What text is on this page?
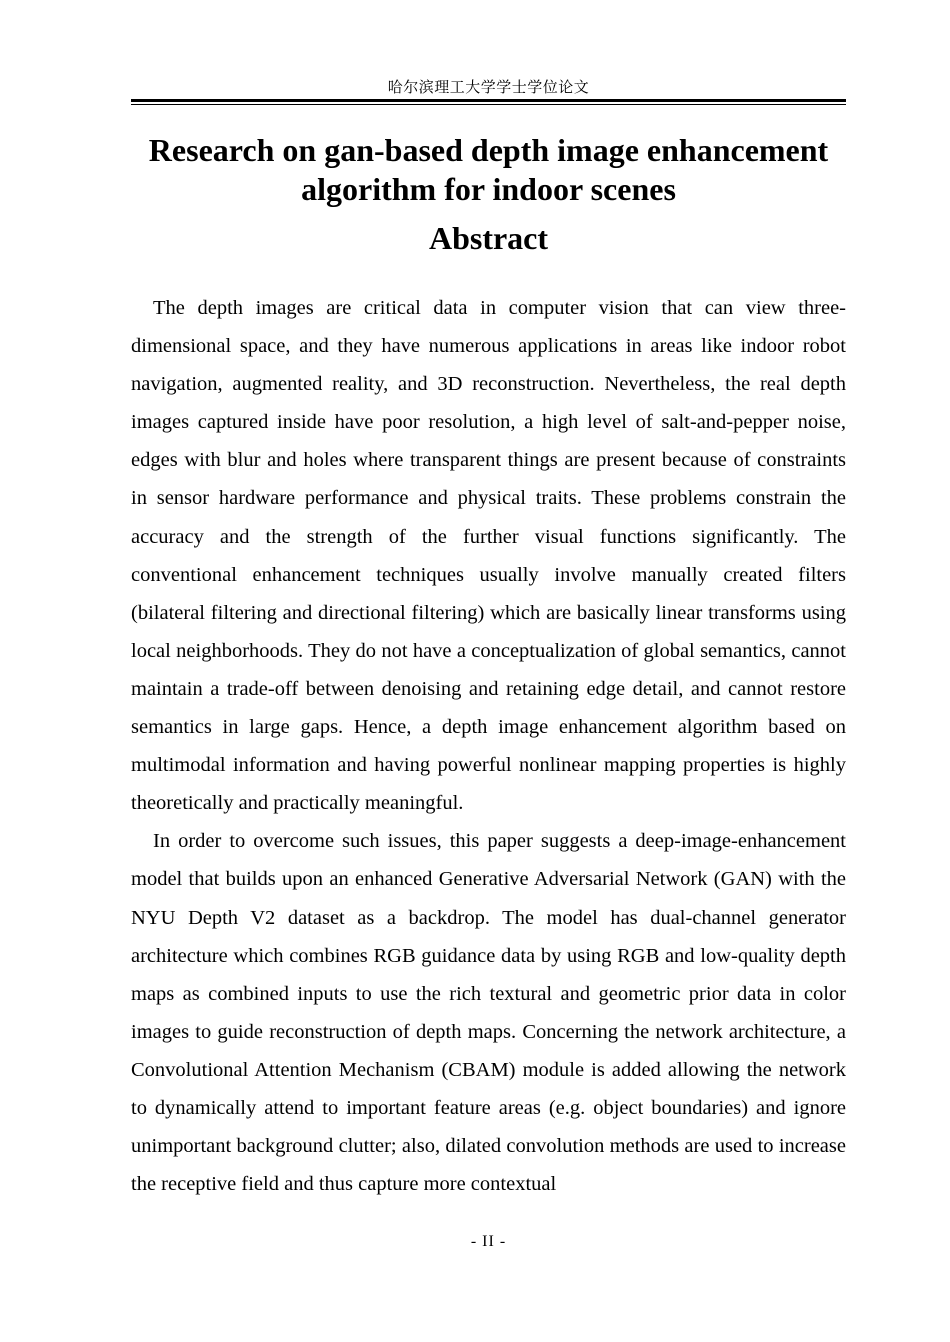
哈尔滨理工大学学士学位论文
Research on gan-based depth image enhancement algorithm for indoor scenes
Abstract

The depth images are critical data in computer vision that can view three-dimensional space, and they have numerous applications in areas like indoor robot navigation, augmented reality, and 3D reconstruction. Nevertheless, the real depth images captured inside have poor resolution, a high level of salt-and-pepper noise, edges with blur and holes where transparent things are present because of constraints in sensor hardware performance and physical traits. These problems constrain the accuracy and the strength of the further visual functions significantly. The conventional enhancement techniques usually involve manually created filters (bilateral filtering and directional filtering) which are basically linear transforms using local neighborhoods. They do not have a conceptualization of global semantics, cannot maintain a trade-off between denoising and retaining edge detail, and cannot restore semantics in large gaps. Hence, a depth image enhancement algorithm based on multimodal information and having powerful nonlinear mapping properties is highly theoretically and practically meaningful.

In order to overcome such issues, this paper suggests a deep-image-enhancement model that builds upon an enhanced Generative Adversarial Network (GAN) with the NYU Depth V2 dataset as a backdrop. The model has dual-channel generator architecture which combines RGB guidance data by using RGB and low-quality depth maps as combined inputs to use the rich textural and geometric prior data in color images to guide reconstruction of depth maps. Concerning the network architecture, a Convolutional Attention Mechanism (CBAM) module is added allowing the network to dynamically attend to important feature areas (e.g. object boundaries) and ignore unimportant background clutter; also, dilated convolution methods are used to increase the receptive field and thus capture more contextual

- II -
